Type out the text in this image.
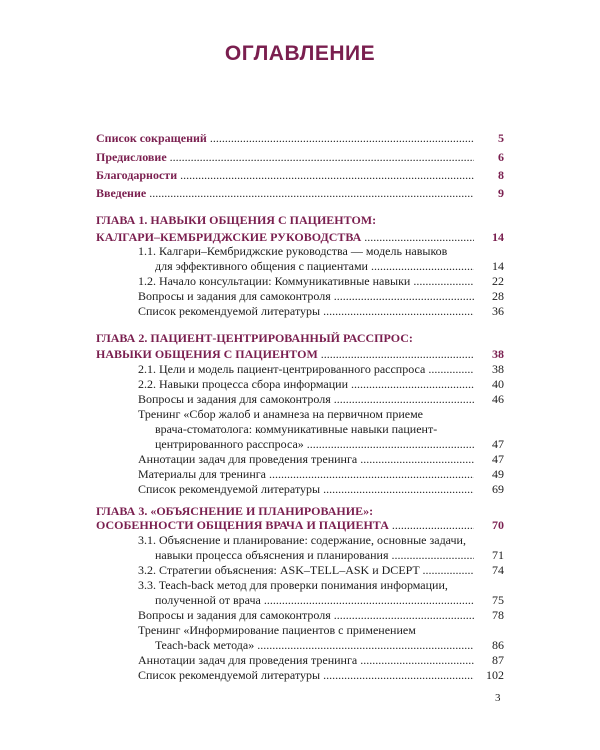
ОГЛАВЛЕНИЕ
Список сокращений .....	5
Предисловие .....	6
Благодарности .....	8
Введение .....	9
ГЛАВА 1. НАВЫКИ ОБЩЕНИЯ С ПАЦИЕНТОМ:
КАЛГАРИ–КЕМБРИДЖСКИЕ РУКОВОДСТВА .....	14
1.1. Калгари–Кембриджские руководства — модель навыков
для эффективного общения с пациентами .....	14
1.2. Начало консультации: Коммуникативные навыки .....	22
Вопросы и задания для самоконтроля .....	28
Список рекомендуемой литературы .....	36
ГЛАВА 2. ПАЦИЕНТ-ЦЕНТРИРОВАННЫЙ РАССПРОС:
НАВЫКИ ОБЩЕНИЯ С ПАЦИЕНТОМ .....	38
2.1. Цели и модель пациент-центрированного расспроса .....	38
2.2. Навыки процесса сбора информации .....	40
Вопросы и задания для самоконтроля .....	46
Тренинг «Сбор жалоб и анамнеза на первичном приеме
врача-стоматолога: коммуникативные навыки пациент-
центрированного расспроса» .....	47
Аннотации задач для проведения тренинга .....	47
Материалы для тренинга .....	49
Список рекомендуемой литературы .....	69
ГЛАВА 3. «ОБЪЯСНЕНИЕ И ПЛАНИРОВАНИЕ»:
ОСОБЕННОСТИ ОБЩЕНИЯ ВРАЧА И ПАЦИЕНТА .....	70
3.1. Объяснение и планирование: содержание, основные задачи,
навыки процесса объяснения и планирования .....	71
3.2. Стратегии объяснения: ASK–TELL–ASK и DCEPT .....	74
3.3. Teach-back метод для проверки понимания информации,
полученной от врача .....	75
Вопросы и задания для самоконтроля .....	78
Тренинг «Информирование пациентов с применением
Teach-back метода» .....	86
Аннотации задач для проведения тренинга .....	87
Список рекомендуемой литературы .....	102
3
